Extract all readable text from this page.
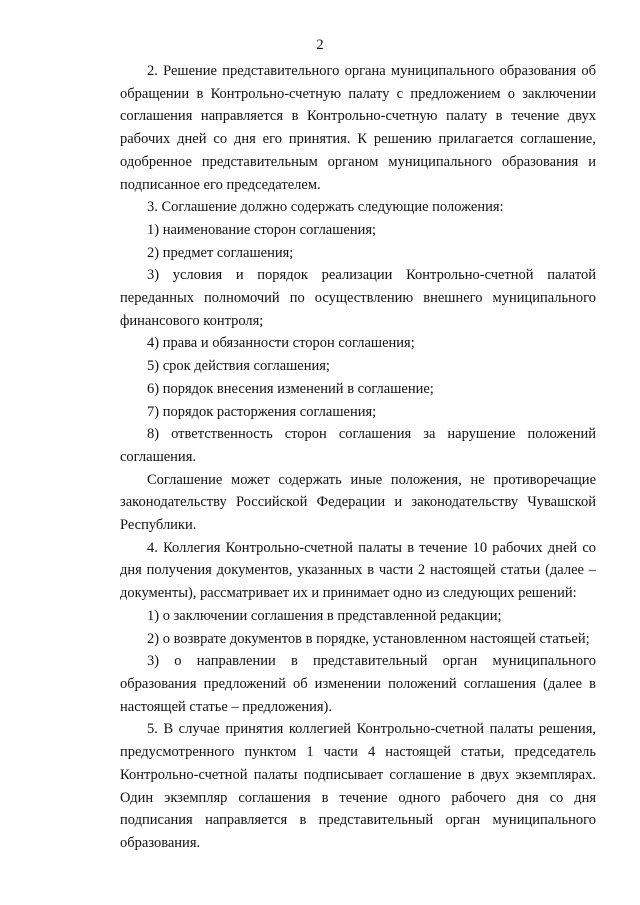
2

2. Решение представительного органа муниципального образования об обращении в Контрольно-счетную палату с предложением о заключении соглашения направляется в Контрольно-счетную палату в течение двух рабочих дней со дня его принятия. К решению прилагается соглашение, одобренное представительным органом муниципального образования и подписанное его председателем.

3. Соглашение должно содержать следующие положения:

1) наименование сторон соглашения;

2) предмет соглашения;

3) условия и порядок реализации Контрольно-счетной палатой переданных полномочий по осуществлению внешнего муниципального финансового контроля;

4) права и обязанности сторон соглашения;

5) срок действия соглашения;

6) порядок внесения изменений в соглашение;

7) порядок расторжения соглашения;

8) ответственность сторон соглашения за нарушение положений соглашения.

Соглашение может содержать иные положения, не противоречащие законодательству Российской Федерации и законодательству Чувашской Республики.

4. Коллегия Контрольно-счетной палаты в течение 10 рабочих дней со дня получения документов, указанных в части 2 настоящей статьи (далее – документы), рассматривает их и принимает одно из следующих решений:

1) о заключении соглашения в представленной редакции;

2) о возврате документов в порядке, установленном настоящей статьей;

3) о направлении в представительный орган муниципального образования предложений об изменении положений соглашения (далее в настоящей статье – предложения).

5. В случае принятия коллегией Контрольно-счетной палаты решения, предусмотренного пунктом 1 части 4 настоящей статьи, председатель Контрольно-счетной палаты подписывает соглашение в двух экземплярах. Один экземпляр соглашения в течение одного рабочего дня со дня подписания направляется в представительный орган муниципального образования.
